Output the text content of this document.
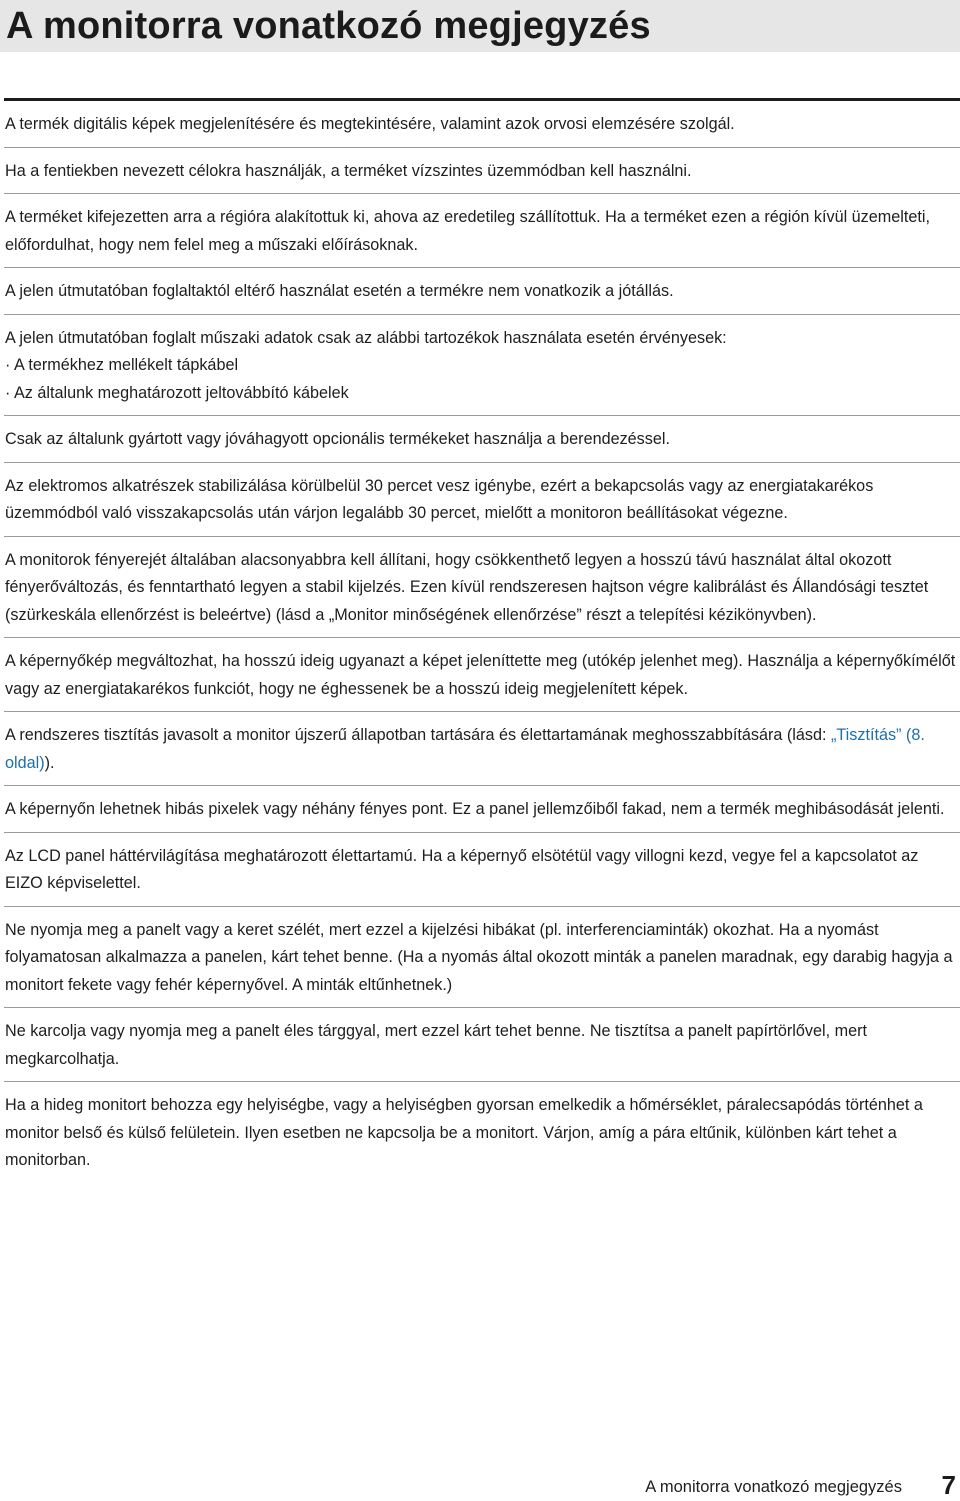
A monitorra vonatkozó megjegyzés

A termék digitális képek megjelenítésére és megtekintésére, valamint azok orvosi elemzésére szolgál.

Ha a fentiekben nevezett célokra használják, a terméket vízszintes üzemmódban kell használni.

A terméket kifejezetten arra a régióra alakítottuk ki, ahova az eredetileg szállítottuk. Ha a terméket ezen a régión kívül üzemelteti, előfordulhat, hogy nem felel meg a műszaki előírásoknak.

A jelen útmutatóban foglaltaktól eltérő használat esetén a termékre nem vonatkozik a jótállás.

A jelen útmutatóban foglalt műszaki adatok csak az alábbi tartozékok használata esetén érvényesek:

· A termékhez mellékelt tápkábel
· Az általunk meghatározott jeltovábbító kábelek

Csak az általunk gyártott vagy jóváhagyott opcionális termékeket használja a berendezéssel.

Az elektromos alkatrészek stabilizálása körülbelül 30 percet vesz igénybe, ezért a bekapcsolás vagy az energiatakarékos üzemmódból való visszakapcsolás után várjon legalább 30 percet, mielőtt a monitoron beállításokat végezne.

A monitorok fényerejét általában alacsonyabbra kell állítani, hogy csökkenthető legyen a hosszú távú használat által okozott fényerőváltozás, és fenntartható legyen a stabil kijelzés. Ezen kívül rendszeresen hajtson végre kalibrálást és Állandósági tesztet (szürkeskála ellenőrzést is beleértve) (lásd a „Monitor minőségének ellenőrzése” részt a telepítési kézikönyvben).

A képernyőkép megváltozhat, ha hosszú ideig ugyanazt a képet jeleníttette meg (utókép jelenhet meg). Használja a képernyőkímélőt vagy az energiatakarékos funkciót, hogy ne éghessenek be a hosszú ideig megjelenített képek.

A rendszeres tisztítás javasolt a monitor újszerű állapotban tartására és élettartamának meghosszabbítására (lásd: „Tisztítás” (8. oldal)).

A képernyőn lehetnek hibás pixelek vagy néhány fényes pont. Ez a panel jellemzőiből fakad, nem a termék meghibásodását jelenti.

Az LCD panel háttérvilágítása meghatározott élettartamú. Ha a képernyő elsötétül vagy villogni kezd, vegye fel a kapcsolatot az EIZO képviselettel.

Ne nyomja meg a panelt vagy a keret szélét, mert ezzel a kijelzési hibákat (pl. interferenciaminták) okozhat. Ha a nyomást folyamatosan alkalmazza a panelen, kárt tehet benne. (Ha a nyomás által okozott minták a panelen maradnak, egy darabig hagyja a monitort fekete vagy fehér képernyővel. A minták eltűnhetnek.)

Ne karcolja vagy nyomja meg a panelt éles tárggyal, mert ezzel kárt tehet benne. Ne tisztítsa a panelt papírtörlővel, mert megkarcolhatja.

Ha a hideg monitort behozza egy helyiségbe, vagy a helyiségben gyorsan emelkedik a hőmérséklet, páralecsapódás történhet a monitor belső és külső felületein. Ilyen esetben ne kapcsolja be a monitort. Várjon, amíg a pára eltűnik, különben kárt tehet a monitorban.

A monitorra vonatkozó megjegyzés 7
